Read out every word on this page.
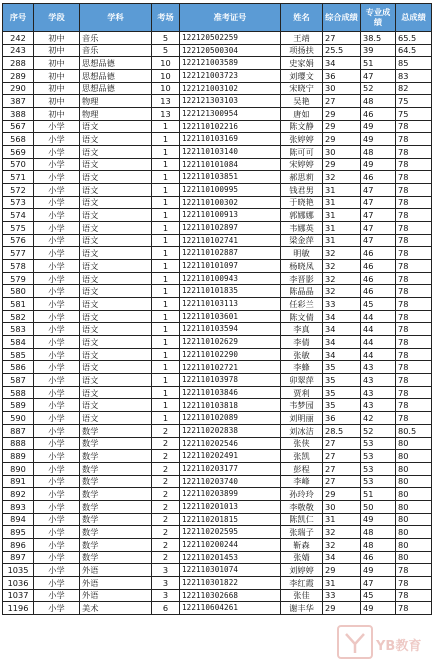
序号	学段	学科	考场	准考证号	姓名	综合成绩	专业成绩	总成绩
242	初中	音乐	5	122120502259	王靖	27	38.5	65.5
243	初中	音乐	5	122120500304	项扬扶	25.5	39	64.5
288	初中	思想品德	10	122121003589	史家娟	34	51	85
289	初中	思想品德	10	122121003723	刘璎文	36	47	83
290	初中	思想品德	10	122121003102	宋晓宁	30	52	82
387	初中	物理	13	122121303103	吴艳	27	48	75
388	初中	物理	13	122121300954	唐如	29	46	75
567	小学	语文	1	122110102216	陈文静	29	49	78
568	小学	语文	1	122110103169	张婷婷	29	49	78
569	小学	语文	1	122110103140	陈可可	30	48	78
570	小学	语文	1	122110101084	宋婷婷	29	49	78
571	小学	语文	1	122110103851	郝思莉	32	46	78
572	小学	语文	1	122110100995	钱君男	31	47	78
573	小学	语文	1	122110100302	于晓艳	31	47	78
574	小学	语文	1	122110100913	郭娜娜	31	47	78
575	小学	语文	1	122110102897	韦娜英	31	47	78
576	小学	语文	1	122110102741	梁金萍	31	47	78
577	小学	语文	1	122110102887	明敏	32	46	78
578	小学	语文	1	122110101097	杨晓凤	32	46	78
579	小学	语文	1	122110100943	李晋影	32	46	78
580	小学	语文	1	122110101835	陈晶晶	32	46	78
581	小学	语文	1	122110103113	任彩兰	33	45	78
582	小学	语文	1	122110103601	陈文倩	34	44	78
583	小学	语文	1	122110103594	李真	34	44	78
584	小学	语文	1	122110102629	李倩	34	44	78
585	小学	语文	1	122110102290	张敏	34	44	78
586	小学	语文	1	122110102721	李蜂	35	43	78
587	小学	语文	1	122110103978	卯翠萍	35	43	78
588	小学	语文	1	122110103846	贾利	35	43	78
589	小学	语文	1	122110103818	韦梦园	35	43	78
590	小学	语文	1	122110102089	刘明丽	36	42	78
887	小学	数学	2	122110202838	刘冰洁	28.5	52	80.5
888	小学	数学	2	122110202546	张侠	27	53	80
889	小学	数学	2	122110202491	张凯	27	53	80
890	小学	数学	2	122110203177	彭程	27	53	80
891	小学	数学	2	122110203740	李峰	27	53	80
892	小学	数学	2	122110203899	孙玲玲	29	51	80
893	小学	数学	2	122110201013	李敬敬	30	50	80
894	小学	数学	2	122110201815	陈凯仁	31	49	80
895	小学	数学	2	122110202595	张瑞子	32	48	80
896	小学	数学	2	122110200244	靳森	32	48	80
897	小学	数学	2	122110201453	张婧	34	46	80
1035	小学	外语	3	122110301074	刘婷婷	29	49	78
1036	小学	外语	3	122110301822	李红霞	31	47	78
1037	小学	外语	3	122110302668	张佳	33	45	78
1196	小学	美术	6	122110604261	谢丰华	29	49	78
YB教育
